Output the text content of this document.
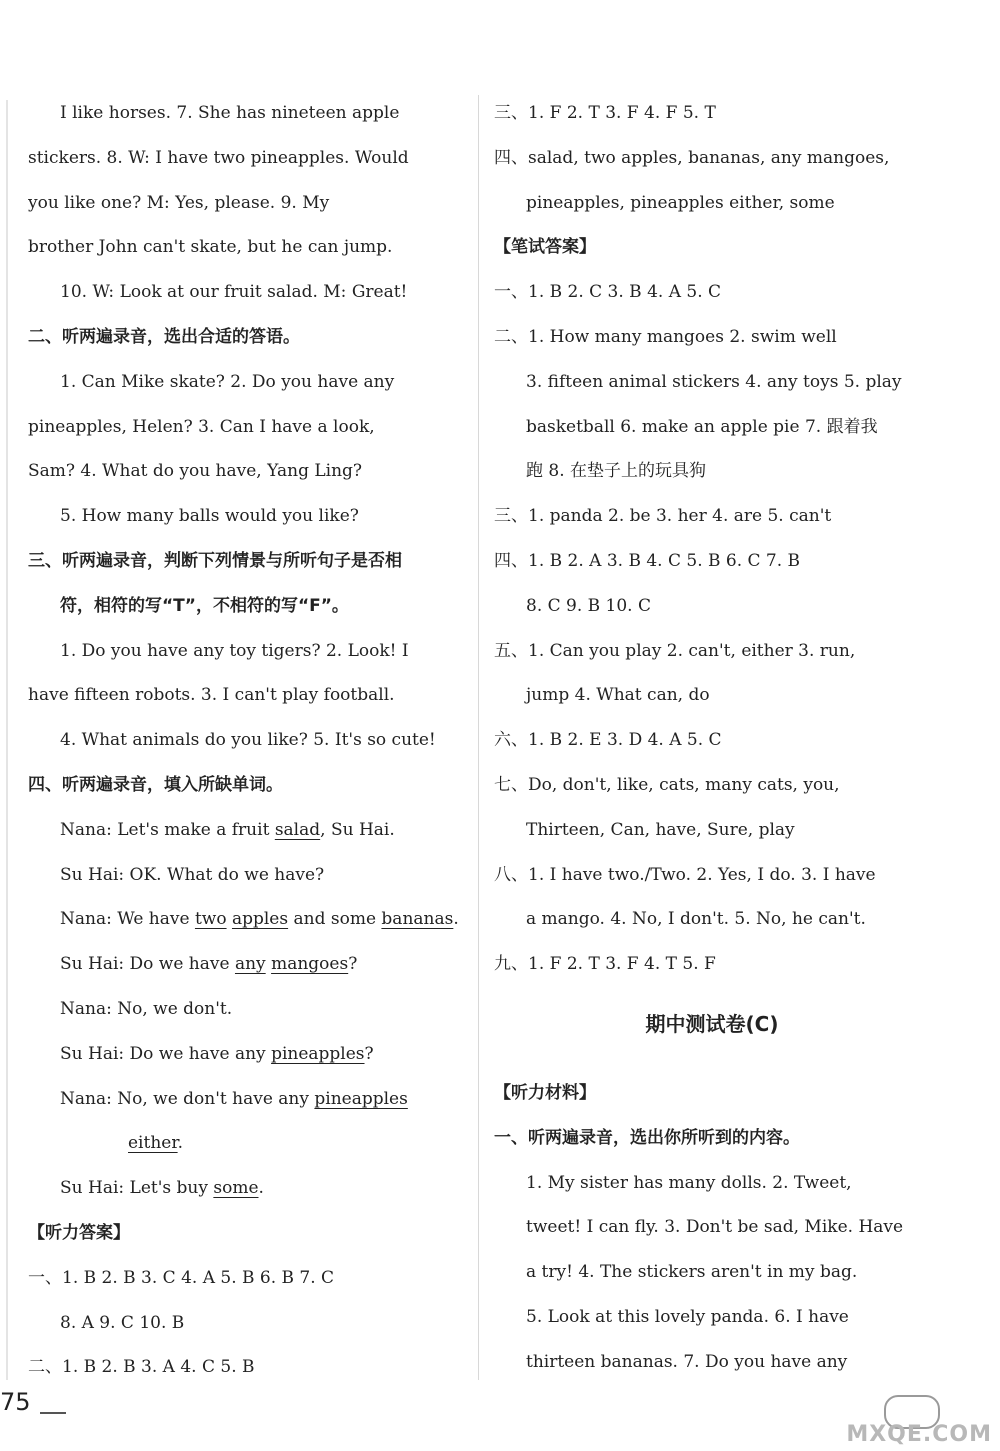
I like horses. 7. She has nineteen apple
stickers. 8. W: I have two pineapples. Would
you like one? M: Yes, please. 9. My
brother John can't skate, but he can jump.
10. W: Look at our fruit salad. M: Great!
二、听两遍录音，选出合适的答语。
1. Can Mike skate? 2. Do you have any
pineapples, Helen? 3. Can I have a look,
Sam? 4. What do you have, Yang Ling?
5. How many balls would you like?
三、听两遍录音，判断下列情景与所听句子是否相
符，相符的写“T”，不相符的写“F”。
1. Do you have any toy tigers? 2. Look! I
have fifteen robots. 3. I can't play football.
4. What animals do you like? 5. It's so cute!
四、听两遍录音，填入所缺单词。
Nana: Let's make a fruit salad, Su Hai.
Su Hai: OK. What do we have?
Nana: We have two apples and some bananas.
Su Hai: Do we have any mangoes?
Nana: No, we don't.
Su Hai: Do we have any pineapples?
Nana: No, we don't have any pineapples
either.
Su Hai: Let's buy some.
【听力答案】
一、1. B 2. B 3. C 4. A 5. B 6. B 7. C
8. A 9. C 10. B
二、1. B 2. B 3. A 4. C 5. B
三、1. F 2. T 3. F 4. F 5. T
四、salad, two apples, bananas, any mangoes,
pineapples, pineapples either, some
【笔试答案】
一、1. B 2. C 3. B 4. A 5. C
二、1. How many mangoes 2. swim well
3. fifteen animal stickers 4. any toys 5. play
basketball 6. make an apple pie 7. 跟着我
跑 8. 在垫子上的玩具狗
三、1. panda 2. be 3. her 4. are 5. can't
四、1. B 2. A 3. B 4. C 5. B 6. C 7. B
8. C 9. B 10. C
五、1. Can you play 2. can't, either 3. run,
jump 4. What can, do
六、1. B 2. E 3. D 4. A 5. C
七、Do, don't, like, cats, many cats, you,
Thirteen, Can, have, Sure, play
八、1. I have two./Two. 2. Yes, I do. 3. I have
a mango. 4. No, I don't. 5. No, he can't.
九、1. F 2. T 3. F 4. T 5. F
期中测试卷(C)
【听力材料】
一、听两遍录音，选出你所听到的内容。
1. My sister has many dolls. 2. Tweet,
tweet! I can fly. 3. Don't be sad, Mike. Have
a try! 4. The stickers aren't in my bag.
5. Look at this lovely panda. 6. I have
thirteen bananas. 7. Do you have any
75
MXQE.COM
